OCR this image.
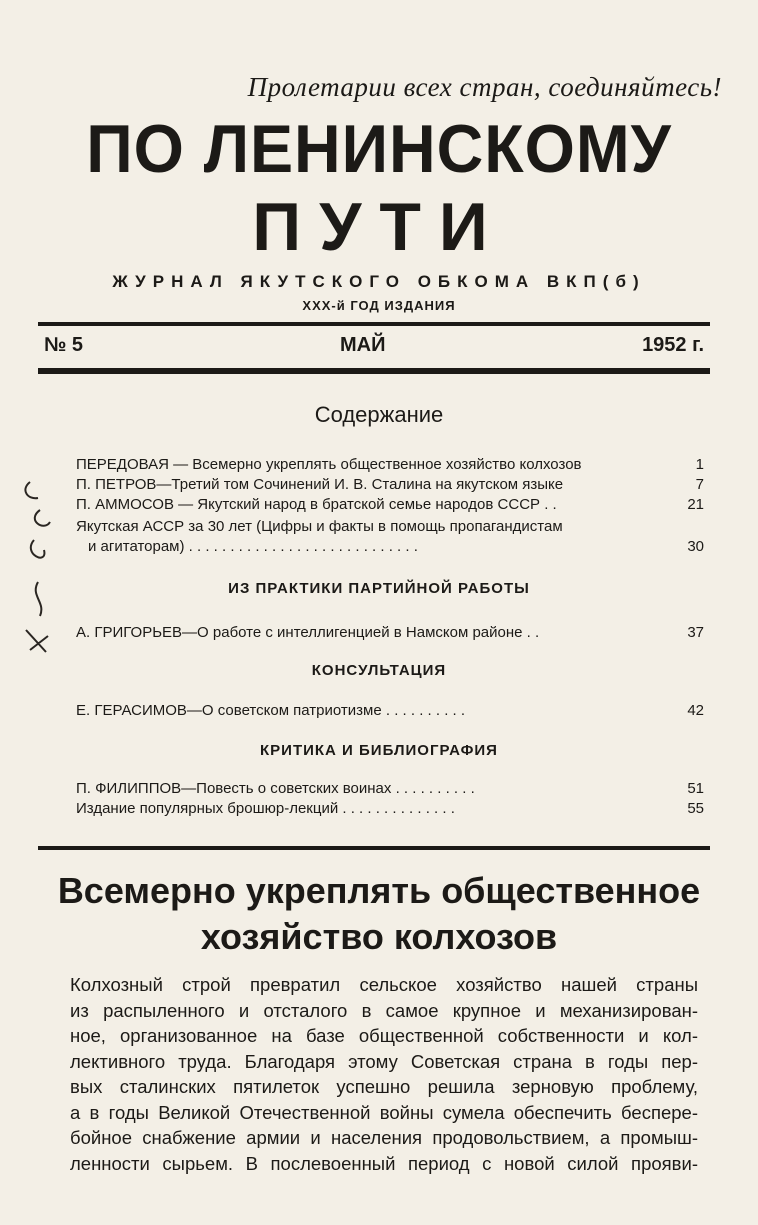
Пролетарии всех стран, соединяйтесь!
ПО ЛЕНИНСКОМУ
ПУТИ
ЖУРНАЛ ЯКУТСКОГО ОБКОМА ВКП(б)
XXX-й ГОД ИЗДАНИЯ
№ 5	МАЙ	1952 г.
Содержание
ПЕРЕДОВАЯ — Всемерно укреплять общественное хозяйство колхозов	1
П. ПЕТРОВ—Третий том Сочинений И. В. Сталина на якутском языке	7
П. АММОСОВ — Якутский народ в братской семье народов СССР . .	21
Якутская АССР за 30 лет (Цифры и факты в помощь пропагандистам
и агитаторам) . . . . . . . . . . . . . . . . . . . . . . . . . . . .	30
ИЗ ПРАКТИКИ ПАРТИЙНОЙ РАБОТЫ
А. ГРИГОРЬЕВ—О работе с интеллигенцией в Намском районе . .	37
КОНСУЛЬТАЦИЯ
Е. ГЕРАСИМОВ—О советском патриотизме . . . . . . . . . .	42
КРИТИКА И БИБЛИОГРАФИЯ
П. ФИЛИППОВ—Повесть о советских воинах . . . . . . . . . .	51
Издание популярных брошюр-лекций . . . . . . . . . . . . . .	55
Всемерно укреплять общественное
хозяйство колхозов
Колхозный строй превратил сельское хозяйство нашей страны
из распыленного и отсталого в самое крупное и механизирован-
ное, организованное на базе общественной собственности и кол-
лективного труда. Благодаря этому Советская страна в годы пер-
вых сталинских пятилеток успешно решила зерновую проблему,
а в годы Великой Отечественной войны сумела обеспечить беспере-
бойное снабжение армии и населения продовольствием, а промыш-
ленности сырьем. В послевоенный период с новой силой прояви-
